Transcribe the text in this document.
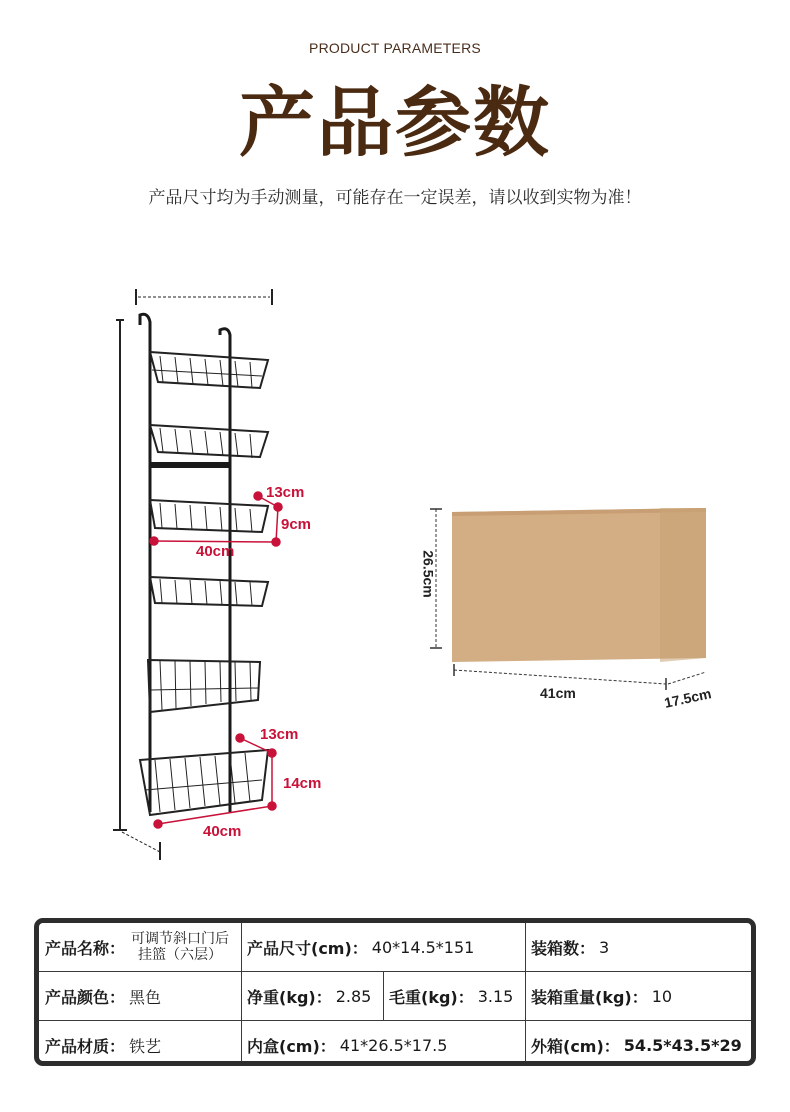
PRODUCT PARAMETERS
产品参数
产品尺寸均为手动测量，可能存在一定误差，请以收到实物为准！
13cm
9cm
40cm
13cm
14cm
40cm
26.5cm
41cm	17.5cm
产品名称： 可调节斜口门后
挂篮（六层）	产品尺寸(cm)： 40*14.5*151	装箱数： 3
产品颜色： 黑色	净重(kg)： 2.85 毛重(kg)： 3.15 装箱重量(kg)： 10
产品材质： 铁艺	内盒(cm)： 41*26.5*17.5	外箱(cm)： 54.5*43.5*29
